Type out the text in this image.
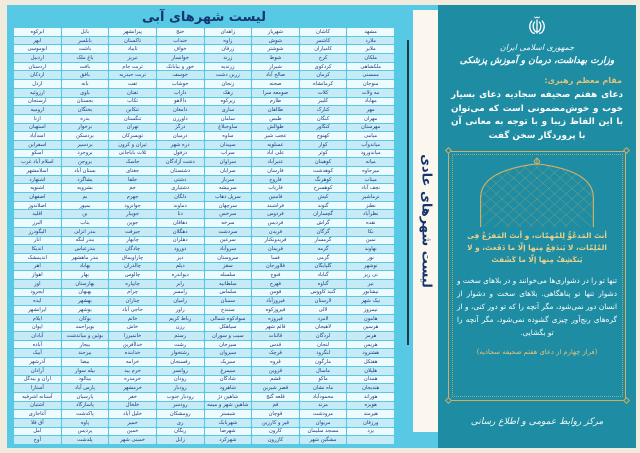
لیست شهرهای آبی
ابرکوه
ابهر
ابوموسی
اردبیل
اردستان
اردکان
اردل
ارزوئیه
ارسنجان
ارومیه
ازنا
استهبان
اسدآباد
اسفراین
اسکو
اسلام آباد غرب
اسلامشهر
اشتهارد
اشنویه
اصفهان
اصلاندوز
اقلید
البرز
الیگودرز
انار
اندیکا
اندیمشک
اهر
اهواز
اوز
ایجرود
ایذه
ایرانشهر
ایلام
ایوان
آبادان
آباده
آبیک
آذرشهر
آرادان
آران و بیدگل
آستارا
آستانه اشرفیه
آشتیان
آغاجاری
آق قلا
آمل
آوج
بابل
بابلسر
باشت
باغ ملک
بافت
بافق
بانه
باوی
بجستان
بختگان
بدره
برخوار
بردسکن
بردسیر
بروجرد
بروجن
بستان آباد
بشاگرد
بشرویه
بم
بمپور
بن
بناب
بندر انزلی
بندر لنگه
بندرعباس
بندر ماهشهر
بهاباد
بهار
بهارستان
بهبهان
بهشهر
بوشهر
بوکان
بویراحمد
بوئین و میاندشت
بیجار
بیرجند
بیضا
بیله سوار
بینالود
پارس آباد
پارسیان
پاسارگاد
پاکدشت
پاوه
پردیس
پلدشت
پیرانشهر
تاکستان
تایباد
تبریز
تربت جام
تربت حیدریه
تفت
تفتان
تکاب
تنکابن
تنگستان
تهران
تویسرکان
تیران و کرون
ثلاث باباجانی
جاسک
جغتای
جلفا
جم
جهرم
جوانرود
جویبار
جوین
جیرفت
چابهار
چادگان
چاراویماق
چالدران
چالوس
چایپاره
چرام
چناران
حاجی آباد
خاتم
خاش
خانمیرزا
خداآفرین
خدابنده
خرامه
خرم بید
خرمدره
خرمشهر
خفر
خلخال
خلیل آباد
خمیر
خمین
خمینی شهر
خنج
خنداب
خواف
خوانسار
خور و بیابانک
خوسف
خوشاب
داراب
دالاهو
دامغان
داورزن
درگز
درمیان
دره شهر
دزفول
دشت آزادگان
دشتستان
دشتی
دشتیاری
دلگان
دماوند
دنا
دهاقان
دهگلان
دهلران
دورود
دیر
دیلم
دیواندره
رابر
رامسر
رامیان
راور
رباط کریم
رزن
رستم
رشت
رشتخوار
رفسنجان
روانسر
رودان
رودبار
رودبار جنوب
رودسر
رومشکان
ری
ریگان
زابل
زاهدان
زاوه
زرقان
زرند
زرندیه
زرین دشت
زنجان
زهک
زیرکوه
ساری
سامان
ساوجبلاغ
ساوه
سپیدان
سراب
سراوان
سرایان
سرباز
سربیشه
سرپل ذهاب
سرچهان
سرخس
سرخه
سردشت
سرعین
سروآباد
سروستان
سقز
سلسله
سلطانیه
سلماس
سمنان
سنندج
سوادکوه شمالی
سیاهکل
سیب و سوران
سیرجان
سیروان
سیریک
سیمرغ
شادگان
شاهرود
شاهین دژ
شاهین شهر و میمه
شبستر
شهربابک
شهرضا
شهرکرد
شهریار
شوش
شوشتر
شوط
شیراز
صالح آباد
صحنه
صومعه سرا
طارم
طالقان
طبس
طوالش
عجب شیر
عسلویه
علی آباد
عنبرآباد
فارسان
فاروج
فاریاب
فامنین
فراشبند
فردوس
فردیس
فریدن
فریدونکنار
فریمان
فسا
فلاورجان
فنوج
فهرج
فومن
فیروزآباد
فیروزکوه
فیروزه
قائم شهر
قائنات
قدس
قرچک
قروه
قزوین
قشم
قصر شیرین
قلعه گنج
قم
قوچان
قیر و کارزین
کارون
کازرون
کاشان
کاشمر
کامیاران
کرج
کردکوی
کرمان
کرمانشاه
کلات
کلیبر
کنارک
کنگان
کنگاور
کهنوج
کوار
کوثر
کوهبنان
کوهدشت
کوهرنگ
کوهسرخ
کیش
گتوند
گچساران
گراش
گرگان
گرمسار
گرمه
گرمی
گلپایگان
گناباد
گناوه
گنبد کاووس
لارستان
لالی
لامرد
لاهیجان
لردگان
لنجان
لنگرود
مارگون
ماسال
ماکو
ماه نشان
محمودآباد
مرند
مرودشت
مریوان
مسجد سلیمان
مشگین شهر
مشهد
ملارد
ملایر
ملکان
ملکشاهی
ممسنی
منوجان
مه ولات
مهاباد
مهر
مهران
مهرستان
میامی
میاندوآب
میاندورود
میانه
میرجاوه
میناب
نجف آباد
نرماشیر
نطنز
نظرآباد
نقده
نکا
نمین
نهاوند
نور
نوشهر
نی ریز
نیر
نیشابور
نیک شهر
نیمروز
هامون
هرسین
هرمز
هریس
هشترود
هفتکل
هلیلان
همدان
هندیجان
هوراند
هویزه
هیرمند
ورزقان
یزد
لیست شهرهای عادی
جمهوری اسلامی ایران
وزارت بهداشت، درمان و آموزش پزشکی
مقام معظم رهبری:
دعای هفتم صحیفه سجادیه دعای بسیار خوب و خوش‌مضمونی است که می‌توان با این الفاظ زیبا و با توجه به معانی آن با پروردگار سخن گفت

أنتَ المَدعُوُّ لِلمُهِمّات، و أنتَ المَفزَعُ فِی المُلِمّات، لا یَندَفِعُ مِنها إلّا ما دَفَعتَ، و لا یَنکَشِفُ مِنها إلّا ما کَشَفتَ

تنها تو را در دشواری‌ها می‌خوانند و در بلاهای سخت و دشوار تنها تو پناهگاهی. بلاهای سخت و دشوار از انسان دور نمی‌شود، مگر آنچه را که تو دور کنی، و از گره‌های رنج‌آور چیزی گشوده نمی‌شود، مگر آنچه را تو بگشایی.

(فراز چهارم از دعای هفتم صحیفه سجادیه)

مرکز روابط عمومی و اطلاع رسانی
